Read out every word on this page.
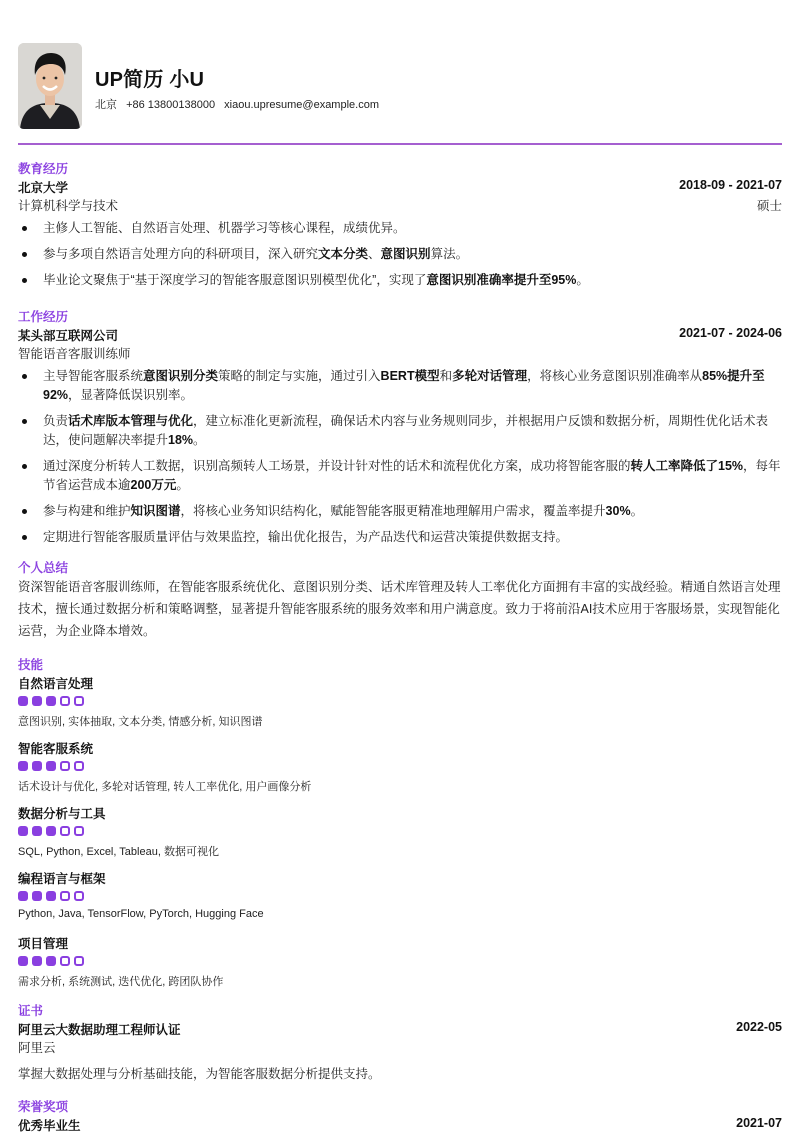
UP简历 小U
北京 +86 13800138000 xiaou.upresume@example.com
教育经历
北京大学	2018-09 - 2021-07
计算机科学与技术	硕士
主修人工智能、自然语言处理、机器学习等核心课程，成绩优异。
参与多项自然语言处理方向的科研项目，深入研究文本分类、意图识别算法。
毕业论文聚焦于“基于深度学习的智能客服意图识别模型优化”，实现了意图识别准确率提升至95%。
工作经历
某头部互联网公司	2021-07 - 2024-06
智能语音客服训练师
主导智能客服系统意图识别分类策略的制定与实施，通过引入BERT模型和多轮对话管理，将核心业务意图识别准确率从85%提升至92%，显著降低误识别率。
负责话术库版本管理与优化，建立标准化更新流程，确保话术内容与业务规则同步，并根据用户反馈和数据分析，周期性优化话术表达，使问题解决率提升18%。
通过深度分析转人工数据，识别高频转人工场景，并设计针对性的话术和流程优化方案，成功将智能客服的转人工率降低了15%，每年节省运营成本逾200万元。
参与构建和维护知识图谱，将核心业务知识结构化，赋能智能客服更精准地理解用户需求，覆盖率提升30%。
定期进行智能客服质量评估与效果监控，输出优化报告，为产品迭代和运营决策提供数据支持。
个人总结
资深智能语音客服训练师，在智能客服系统优化、意图识别分类、话术库管理及转人工率优化方面拥有丰富的实战经验。精通自然语言处理技术，擅长通过数据分析和策略调整，显著提升智能客服系统的服务效率和用户满意度。致力于将前沿AI技术应用于客服场景，实现智能化运营，为企业降本增效。
技能
自然语言处理
意图识别, 实体抽取, 文本分类, 情感分析, 知识图谱
智能客服系统
话术设计与优化, 多轮对话管理, 转人工率优化, 用户画像分析
数据分析与工具
SQL, Python, Excel, Tableau, 数据可视化
编程语言与框架
Python, Java, TensorFlow, PyTorch, Hugging Face
项目管理
需求分析, 系统测试, 迭代优化, 跨团队协作
证书
阿里云大数据助理工程师认证	2022-05
阿里云
掌握大数据处理与分析基础技能，为智能客服数据分析提供支持。
荣誉奖项
优秀毕业生	2021-07
